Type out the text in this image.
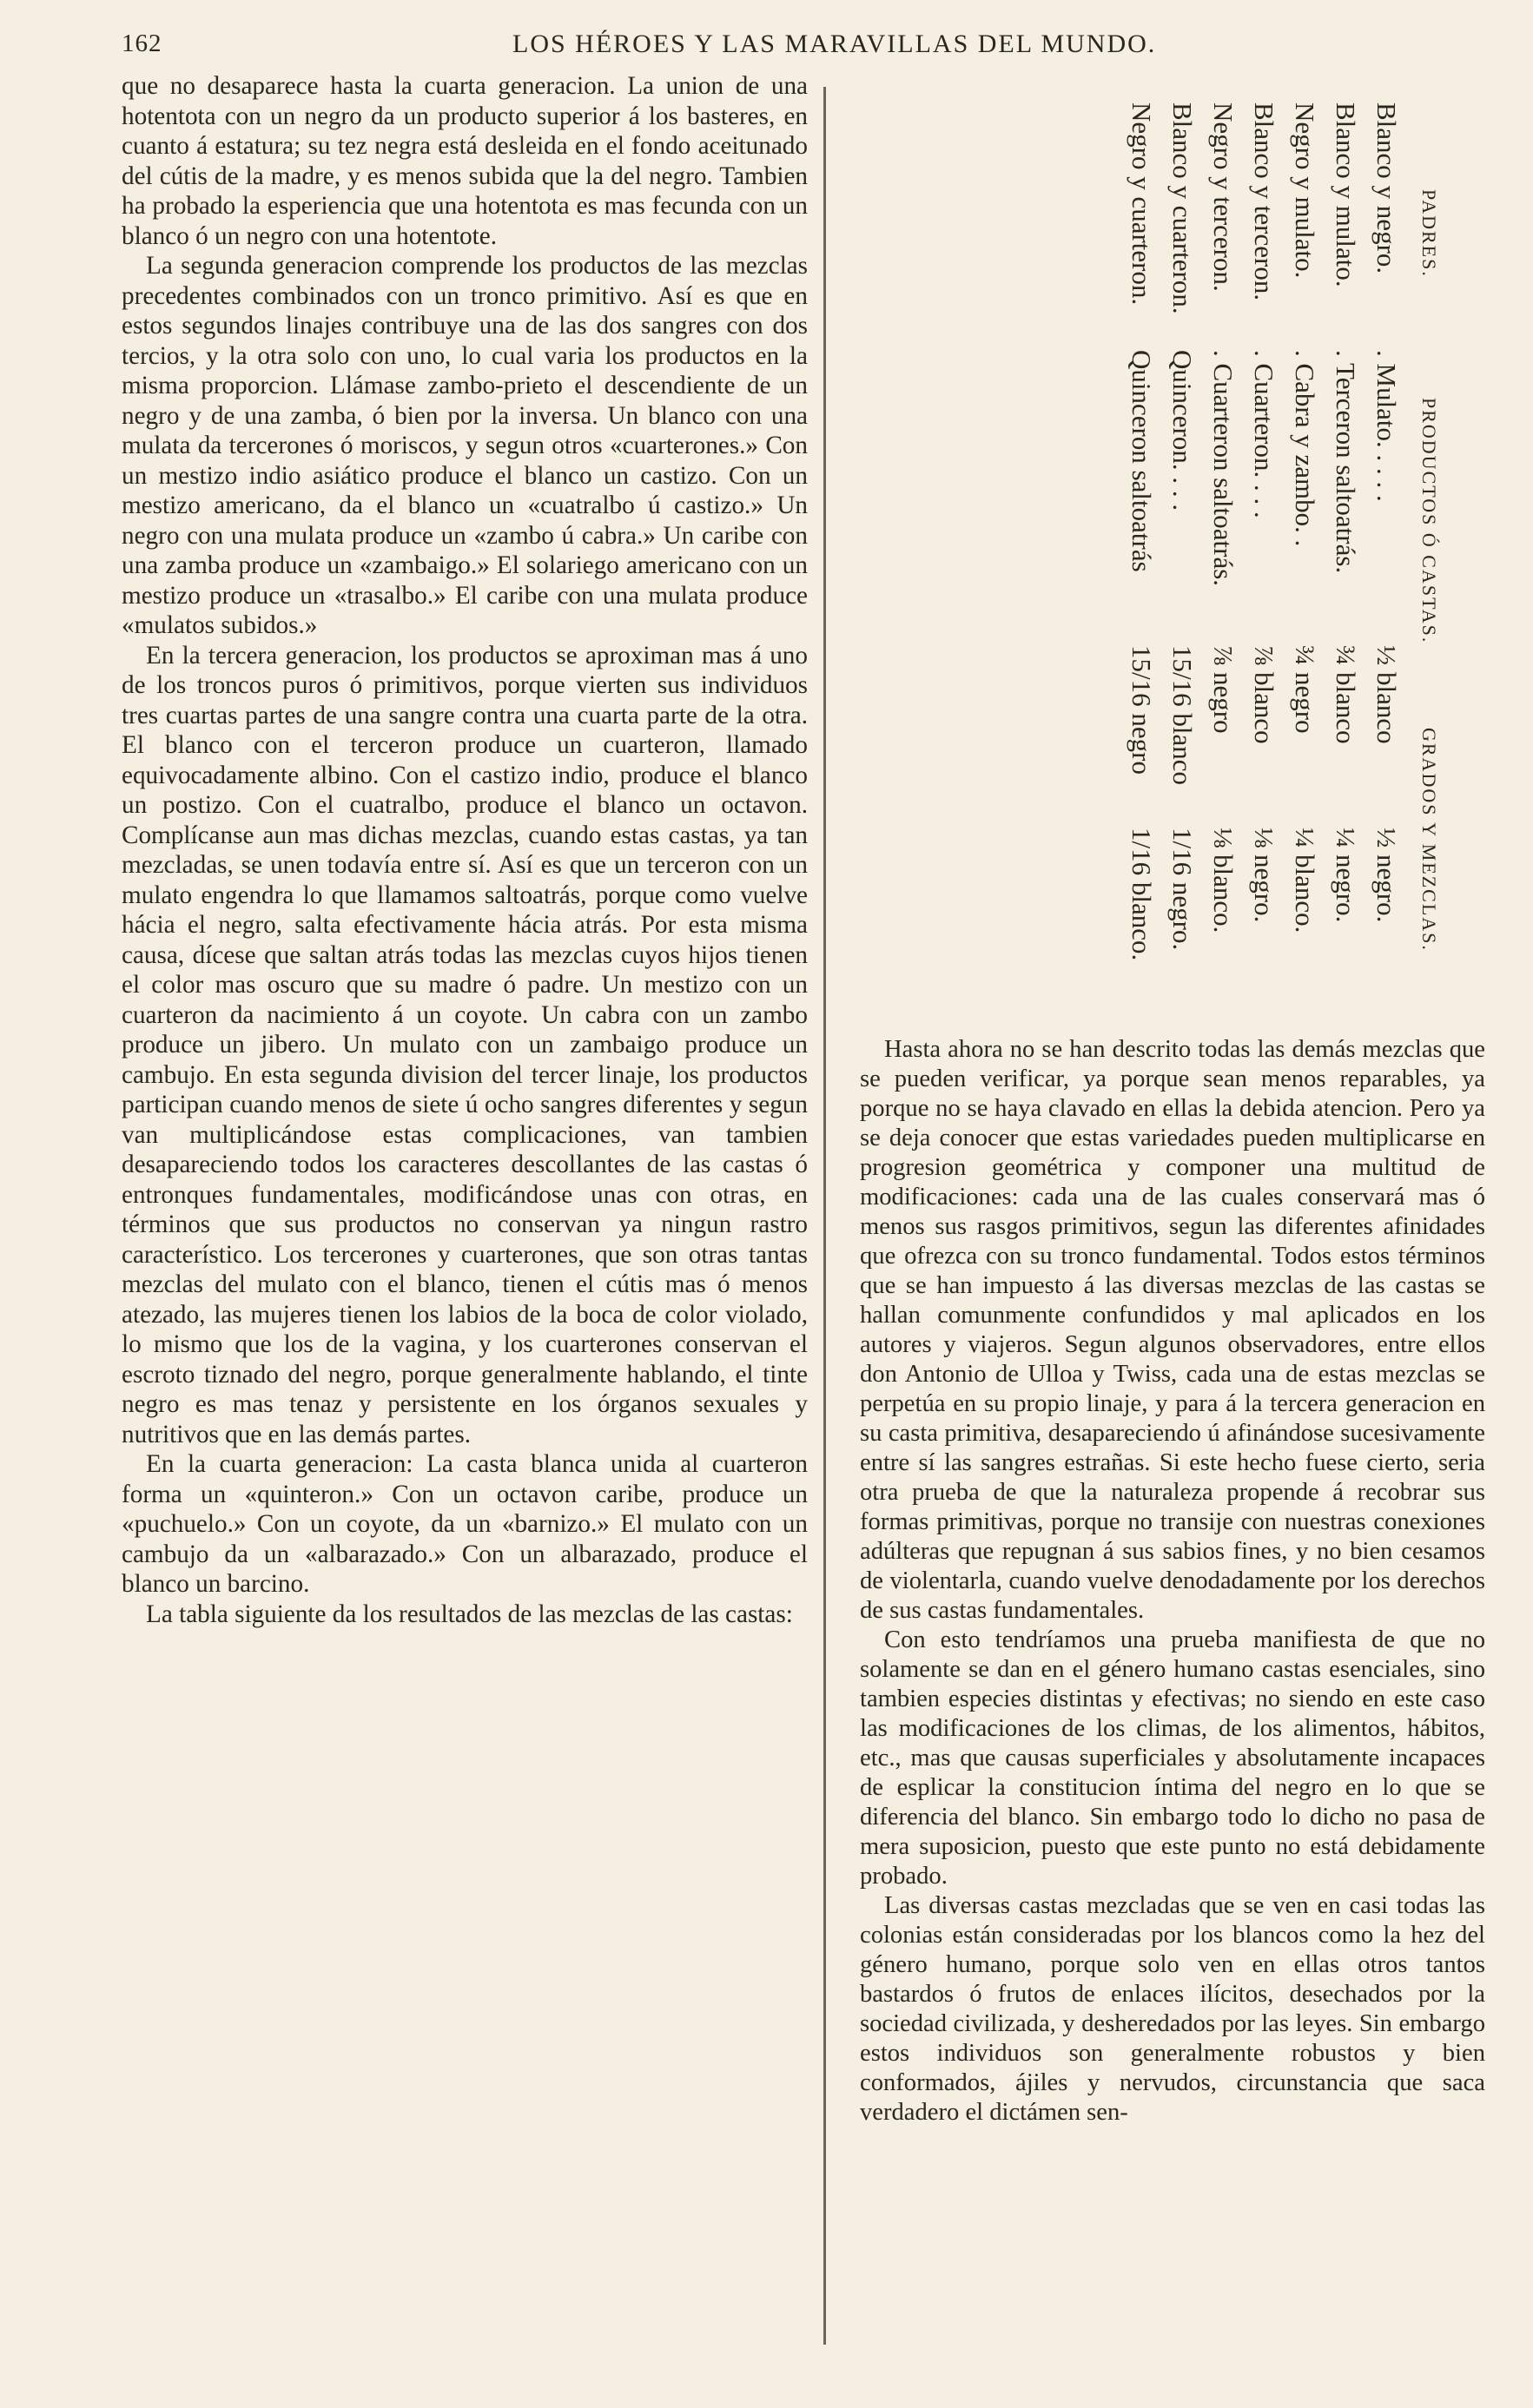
162	LOS HÉROES Y LAS MARAVILLAS DEL MUNDO.

que no desaparece hasta la cuarta generacion. La union de una hotentota con un negro da un producto superior á los basteres, en cuanto á estatura; su tez negra está desleida en el fondo aceitunado del cútis de la madre, y es menos subida que la del negro. Tambien ha probado la esperiencia que una hotentota es mas fecunda con un blanco ó un negro con una hotentote.

La segunda generacion comprende los productos de las mezclas precedentes combinados con un tronco primitivo. Así es que en estos segundos linajes contribuye una de las dos sangres con dos tercios, y la otra solo con uno, lo cual varia los productos en la misma proporcion. Llámase zambo-prieto el descendiente de un negro y de una zamba, ó bien por la inversa. Un blanco con una mulata da tercerones ó moriscos, y segun otros «cuarterones.» Con un mestizo indio asiático produce el blanco un castizo. Con un mestizo americano, da el blanco un «cuatralbo ú castizo.» Un negro con una mulata produce un «zambo ú cabra.» Un caribe con una zamba produce un «zambaigo.» El solariego americano con un mestizo produce un «trasalbo.» El caribe con una mulata produce «mulatos subidos.»

En la tercera generacion, los productos se aproximan mas á uno de los troncos puros ó primitivos, porque vierten sus individuos tres cuartas partes de una sangre contra una cuarta parte de la otra. El blanco con el terceron produce un cuarteron, llamado equivocadamente albino. Con el castizo indio, produce el blanco un postizo. Con el cuatralbo, produce el blanco un octavon. Complícanse aun mas dichas mezclas, cuando estas castas, ya tan mezcladas, se unen todavía entre sí. Así es que un terceron con un mulato engendra lo que llamamos saltoatrás, porque como vuelve hácia el negro, salta efectivamente hácia atrás. Por esta misma causa, dícese que saltan atrás todas las mezclas cuyos hijos tienen el color mas oscuro que su madre ó padre. Un mestizo con un cuarteron da nacimiento á un coyote. Un cabra con un zambo produce un jibero. Un mulato con un zambaigo produce un cambujo. En esta segunda division del tercer linaje, los productos participan cuando menos de siete ú ocho sangres diferentes y segun van multiplicándose estas complicaciones, van tambien desapareciendo todos los caracteres descollantes de las castas ó entronques fundamentales, modificándose unas con otras, en términos que sus productos no conservan ya ningun rastro característico. Los tercerones y cuarterones, que son otras tantas mezclas del mulato con el blanco, tienen el cútis mas ó menos atezado, las mujeres tienen los labios de la boca de color violado, lo mismo que los de la vagina, y los cuarterones conservan el escroto tiznado del negro, porque generalmente hablando, el tinte negro es mas tenaz y persistente en los órganos sexuales y nutritivos que en las demás partes.

En la cuarta generacion: La casta blanca unida al cuarteron forma un «quinteron.» Con un octavon caribe, produce un «puchuelo.» Con un coyote, da un «barnizo.» El mulato con un cambujo da un «albarazado.» Con un albarazado, produce el blanco un barcino.

La tabla siguiente da los resultados de las mezclas de las castas:

PADRES.
PRODUCTOS Ó CASTAS.
GRADOS Y MEZCLAS.
Blanco y negro.
. Mulato. . . . .
½ blanco
½ negro.
Blanco y mulato.
. Terceron saltoatrás.
¾ blanco
¼ negro.
Negro y mulato.
. Cabra y zambo. .
¾ negro
¼ blanco.
Blanco y terceron.
. Cuarteron. . . .
⅞ blanco
⅛ negro.
Negro y terceron.
. Cuarteron saltoatrás.
⅞ negro
⅛ blanco.
Blanco y cuarteron.
Quinceron. . . .
15/16 blanco
1/16 negro.
Negro y cuarteron.
Quinceron saltoatrás
15/16 negro
1/16 blanco.

Hasta ahora no se han descrito todas las demás mezclas que se pueden verificar, ya porque sean menos reparables, ya porque no se haya clavado en ellas la debida atencion. Pero ya se deja conocer que estas variedades pueden multiplicarse en progresion geométrica y componer una multitud de modificaciones: cada una de las cuales conservará mas ó menos sus rasgos primitivos, segun las diferentes afinidades que ofrezca con su tronco fundamental. Todos estos términos que se han impuesto á las diversas mezclas de las castas se hallan comunmente confundidos y mal aplicados en los autores y viajeros. Segun algunos observadores, entre ellos don Antonio de Ulloa y Twiss, cada una de estas mezclas se perpetúa en su propio linaje, y para á la tercera generacion en su casta primitiva, desapareciendo ú afinándose sucesivamente entre sí las sangres estrañas. Si este hecho fuese cierto, seria otra prueba de que la naturaleza propende á recobrar sus formas primitivas, porque no transije con nuestras conexiones adúlteras que repugnan á sus sabios fines, y no bien cesamos de violentarla, cuando vuelve denodadamente por los derechos de sus castas fundamentales.

Con esto tendríamos una prueba manifiesta de que no solamente se dan en el género humano castas esenciales, sino tambien especies distintas y efectivas; no siendo en este caso las modificaciones de los climas, de los alimentos, hábitos, etc., mas que causas superficiales y absolutamente incapaces de esplicar la constitucion íntima del negro en lo que se diferencia del blanco. Sin embargo todo lo dicho no pasa de mera suposicion, puesto que este punto no está debidamente probado.

Las diversas castas mezcladas que se ven en casi todas las colonias están consideradas por los blancos como la hez del género humano, porque solo ven en ellas otros tantos bastardos ó frutos de enlaces ilícitos, desechados por la sociedad civilizada, y desheredados por las leyes. Sin embargo estos individuos son generalmente robustos y bien conformados, ájiles y nervudos, circunstancia que saca verdadero el dictámen sen-
